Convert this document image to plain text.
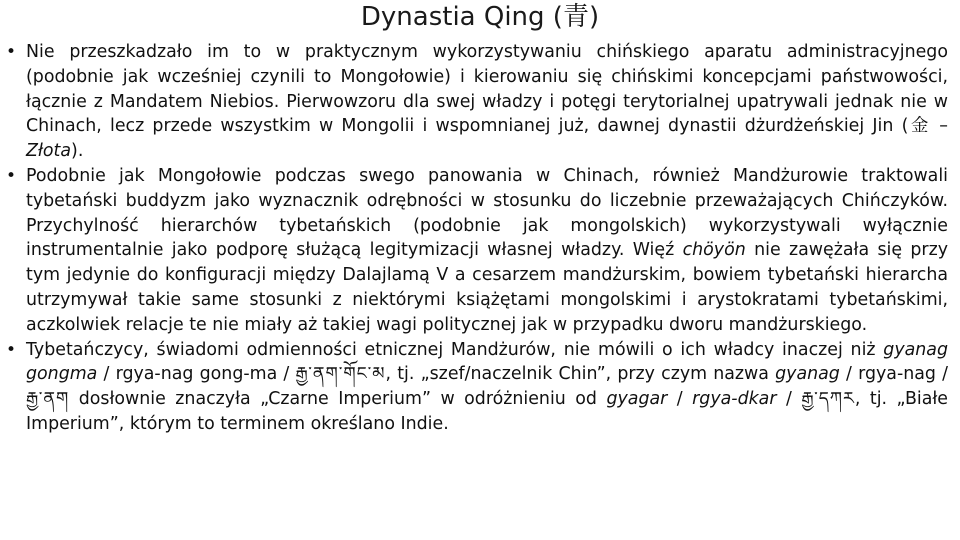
Dynastia Qing (青)
• Nie przeszkadzało im to w praktycznym wykorzystywaniu chińskiego aparatu administracyjnego (podobnie jak wcześniej czynili to Mongołowie) i kierowaniu się chińskimi koncepcjami państwowości, łącznie z Mandatem Niebios. Pierwowzoru dla swej władzy i potęgi terytorialnej upatrywali jednak nie w Chinach, lecz przede wszystkim w Mongolii i wspomnianej już, dawnej dynastii dżurdżeńskiej Jin (金 – Złota).

• Podobnie jak Mongołowie podczas swego panowania w Chinach, również Mandżurowie traktowali tybetański buddyzm jako wyznacznik odrębności w stosunku do liczebnie przeważających Chińczyków. Przychylność hierarchów tybetańskich (podobnie jak mongolskich) wykorzystywali wyłącznie instrumentalnie jako podporę służącą legitymizacji własnej władzy. Więź chöyön nie zawężała się przy tym jedynie do konfiguracji między Dalajlamą V a cesarzem mandżurskim, bowiem tybetański hierarcha utrzymywał takie same stosunki z niektórymi książętami mongolskimi i arystokratami tybetańskimi, aczkolwiek relacje te nie miały aż takiej wagi politycznej jak w przypadku dworu mandżurskiego.

• Tybetańczycy, świadomi odmienności etnicznej Mandżurów, nie mówili o ich władcy inaczej niż gyanag gongma / rgya-nag gong-ma / རྒྱ་ནག་གོང་མ, tj. „szef/naczelnik Chin”, przy czym nazwa gyanag / rgya-nag / རྒྱ་ནག dosłownie znaczyła „Czarne Imperium” w odróżnieniu od gyagar / rgya-dkar / རྒྱ་དཀར, tj. „Białe Imperium”, którym to terminem określano Indie.
